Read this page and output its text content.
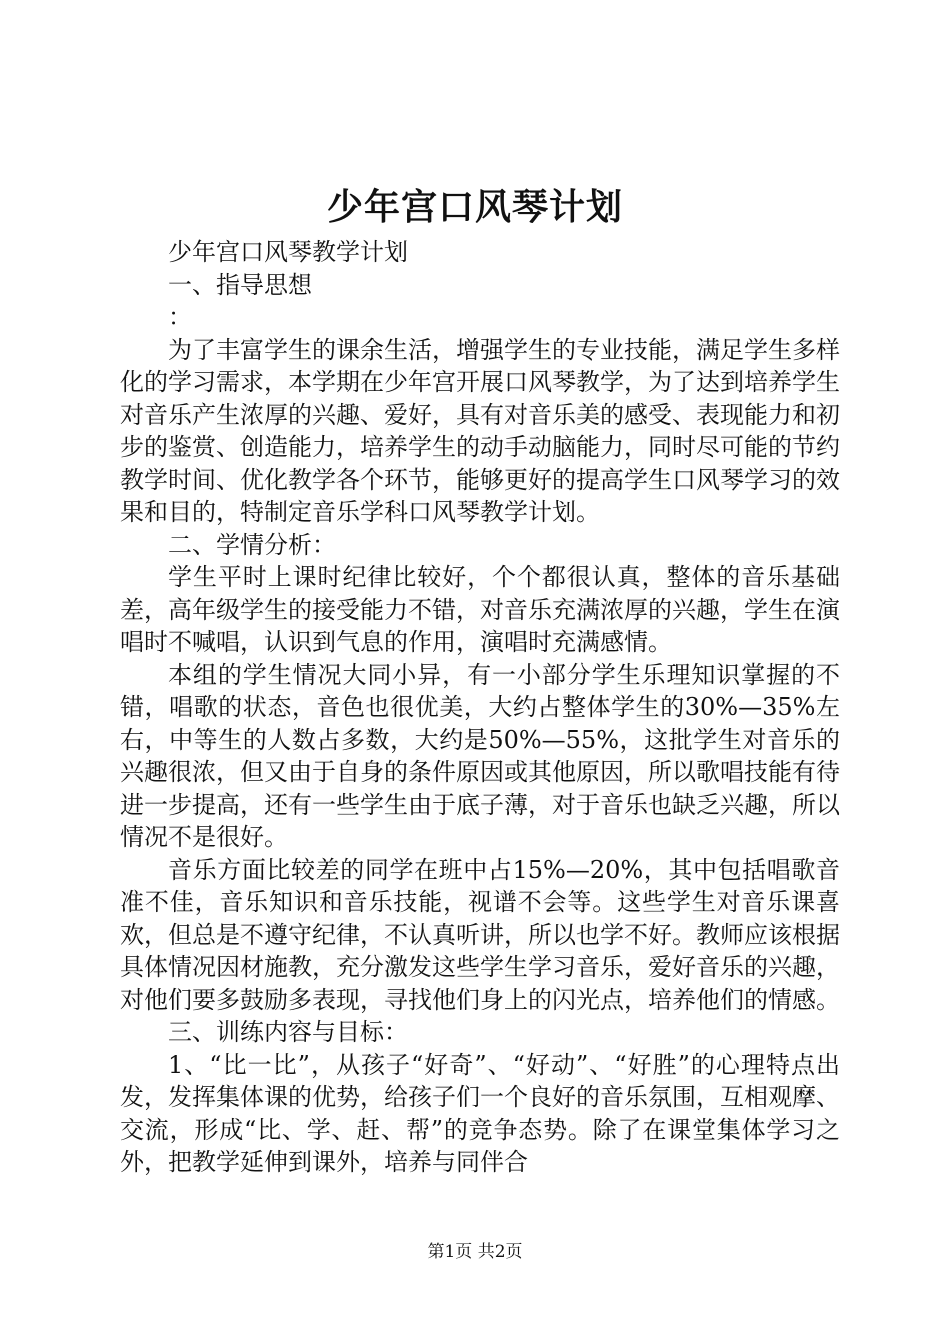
少年宫口风琴计划

少年宫口风琴教学计划

一、指导思想

：

为了丰富学生的课余生活，增强学生的专业技能，满足学生多样化的学习需求，本学期在少年宫开展口风琴教学，为了达到培养学生对音乐产生浓厚的兴趣、爱好，具有对音乐美的感受、表现能力和初步的鉴赏、创造能力，培养学生的动手动脑能力，同时尽可能的节约教学时间、优化教学各个环节，能够更好的提高学生口风琴学习的效果和目的，特制定音乐学科口风琴教学计划。

二、学情分析：

学生平时上课时纪律比较好，个个都很认真，整体的音乐基础差，高年级学生的接受能力不错，对音乐充满浓厚的兴趣，学生在演唱时不喊唱，认识到气息的作用，演唱时充满感情。

本组的学生情况大同小异，有一小部分学生乐理知识掌握的不错，唱歌的状态，音色也很优美，大约占整体学生的30%—35%左右，中等生的人数占多数，大约是50%—55%，这批学生对音乐的兴趣很浓，但又由于自身的条件原因或其他原因，所以歌唱技能有待进一步提高，还有一些学生由于底子薄，对于音乐也缺乏兴趣，所以情况不是很好。

音乐方面比较差的同学在班中占15%—20%，其中包括唱歌音准不佳，音乐知识和音乐技能，视谱不会等。这些学生对音乐课喜欢，但总是不遵守纪律，不认真听讲，所以也学不好。教师应该根据具体情况因材施教，充分激发这些学生学习音乐，爱好音乐的兴趣，对他们要多鼓励多表现，寻找他们身上的闪光点，培养他们的情感。

三、训练内容与目标：

1、“比一比”，从孩子“好奇”、“好动”、“好胜”的心理特点出发，发挥集体课的优势，给孩子们一个良好的音乐氛围，互相观摩、交流，形成“比、学、赶、帮”的竞争态势。除了在课堂集体学习之外，把教学延伸到课外，培养与同伴合

第1页 共2页
